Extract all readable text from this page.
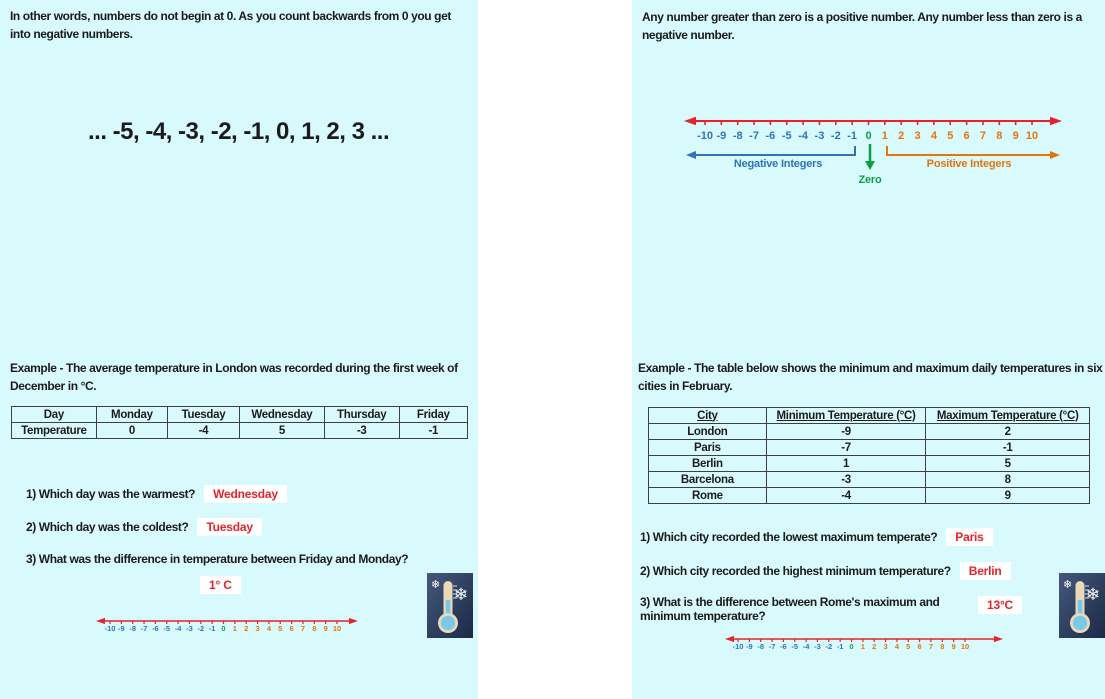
In other words, numbers do not begin at 0. As you count backwards from 0 you get into negative numbers.

... -5, -4, -3, -2, -1, 0, 1, 2, 3 ...

Example - The average temperature in London was recorded during the first week of December in °C.

Day	Monday	Tuesday	Wednesday	Thursday	Friday
Temperature	0	-4	5	-3	-1
1) Which day was the warmest?	Wednesday
2) Which day was the coldest?	Tuesday
3) What was the difference in temperature between Friday and Monday?
1° C
-10 -9 -8 -7 -6 -5 -4 -3 -2 -1 0 1 2 3 4 5 6 7 8 9 10
❄
❄

Any number greater than zero is a positive number. Any number less than zero is a negative number.

-10 -9 -8 -7 -6 -5 -4 -3 -2 -1 0 1 2 3 4 5 6 7 8 9 10
Negative Integers
Zero
Positive Integers

Example - The table below shows the minimum and maximum daily temperatures in six cities in February.

City	Minimum Temperature (°C)	Maximum Temperature (°C)
London	-9	2
Paris	-7	-1
Berlin	1	5
Barcelona	-3	8
Rome	-4	9
1) Which city recorded the lowest maximum temperate?	Paris
2) Which city recorded the highest minimum temperature?	Berlin
3) What is the difference between Rome's maximum and minimum temperature?
13°C
-10 -9 -8 -7 -6 -5 -4 -3 -2 -1 0 1 2 3 4 5 6 7 8 9 10
❄
❄
